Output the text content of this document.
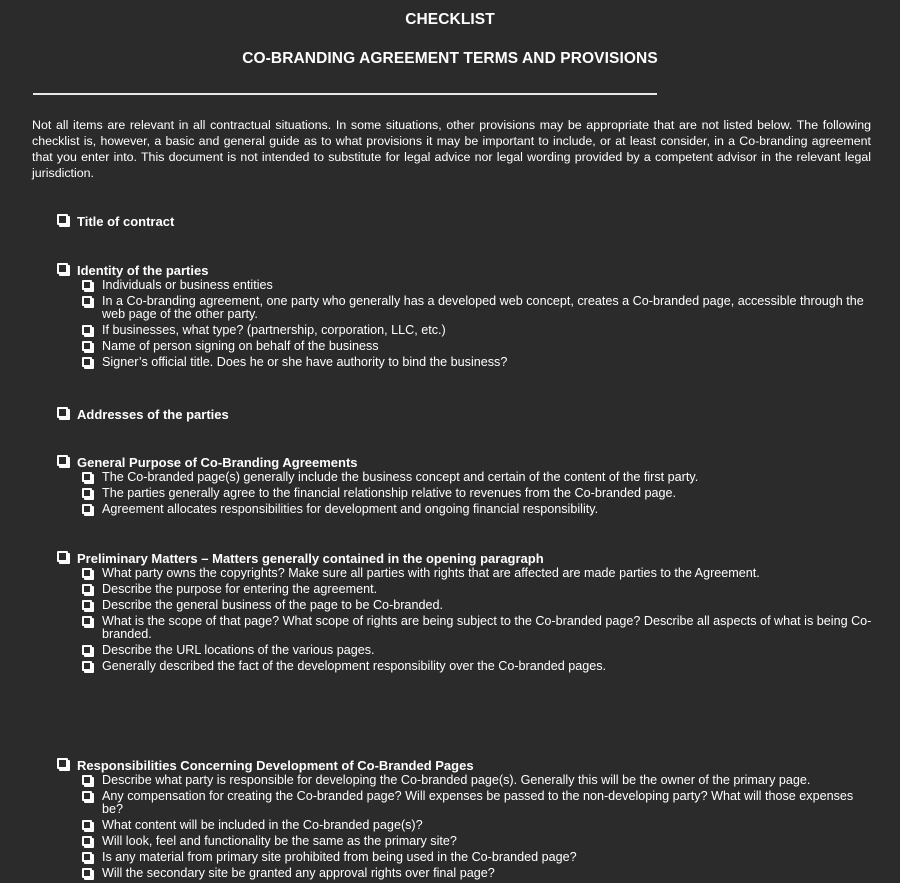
CHECKLIST
CO-BRANDING AGREEMENT TERMS AND PROVISIONS
Not all items are relevant in all contractual situations. In some situations, other provisions may be appropriate that are not listed below. The following checklist is, however, a basic and general guide as to what provisions it may be important to include, or at least consider, in a Co-branding agreement that you enter into. This document is not intended to substitute for legal advice nor legal wording provided by a competent advisor in the relevant legal jurisdiction.
Title of contract
Identity of the parties
Individuals or business entities
In a Co-branding agreement, one party who generally has a developed web concept, creates a Co-branded page, accessible through the web page of the other party.
If businesses, what type? (partnership, corporation, LLC, etc.)
Name of person signing on behalf of the business
Signer’s official title. Does he or she have authority to bind the business?
Addresses of the parties
General Purpose of Co-Branding Agreements
The Co-branded page(s) generally include the business concept and certain of the content of the first party.
The parties generally agree to the financial relationship relative to revenues from the Co-branded page.
Agreement allocates responsibilities for development and ongoing financial responsibility.
Preliminary Matters – Matters generally contained in the opening paragraph
What party owns the copyrights? Make sure all parties with rights that are affected are made parties to the Agreement.
Describe the purpose for entering the agreement.
Describe the general business of the page to be Co-branded.
What is the scope of that page? What scope of rights are being subject to the Co-branded page? Describe all aspects of what is being Co-branded.
Describe the URL locations of the various pages.
Generally described the fact of the development responsibility over the Co-branded pages.
Responsibilities Concerning Development of Co-Branded Pages
Describe what party is responsible for developing the Co-branded page(s). Generally this will be the owner of the primary page.
Any compensation for creating the Co-branded page? Will expenses be passed to the non-developing party? What will those expenses be?
What content will be included in the Co-branded page(s)?
Will look, feel and functionality be the same as the primary site?
Is any material from primary site prohibited from being used in the Co-branded page?
Will the secondary site be granted any approval rights over final page?
